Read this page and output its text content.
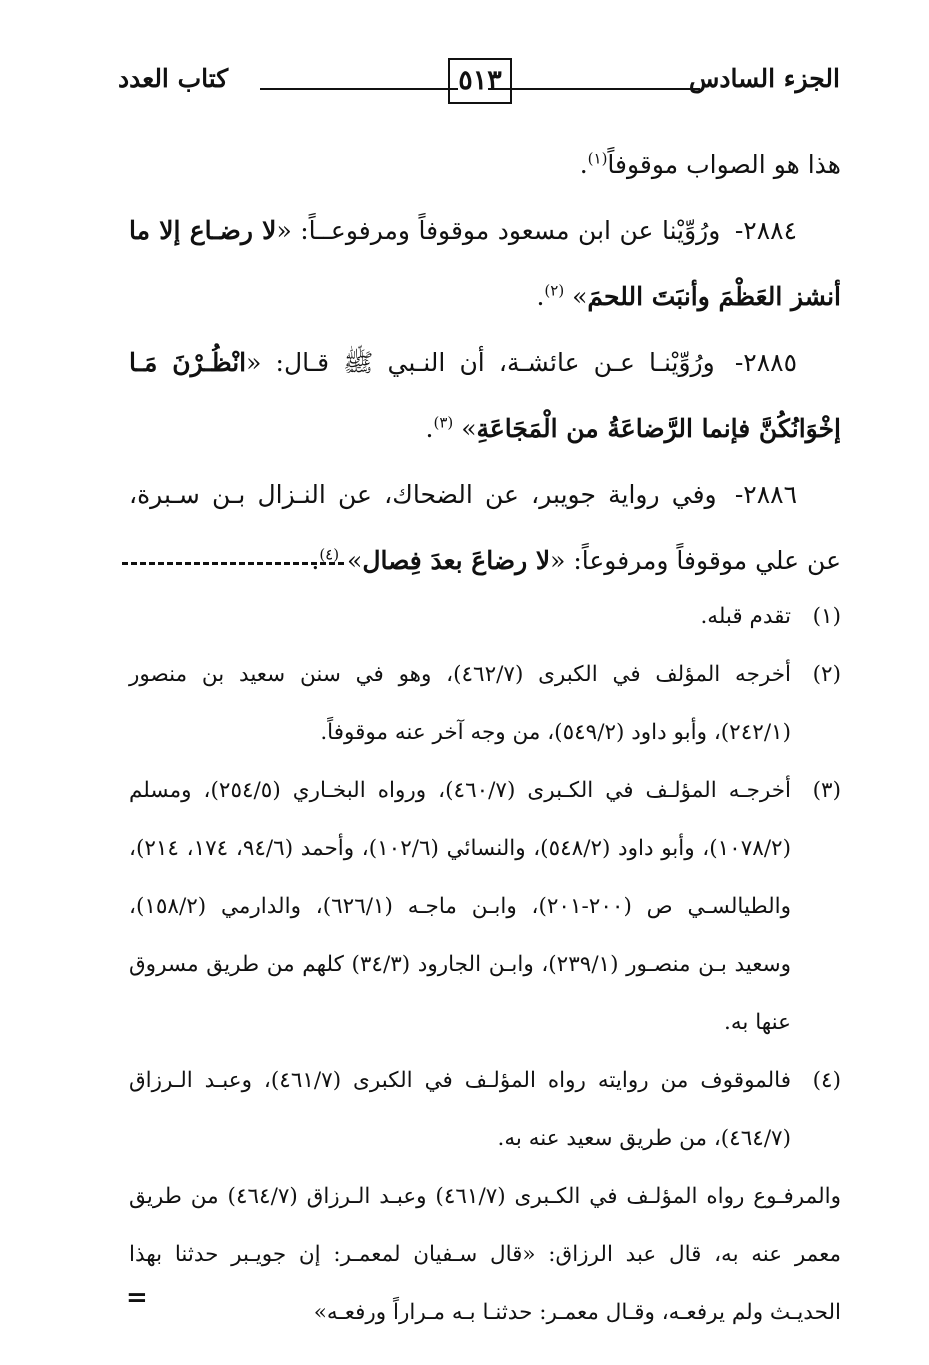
الجزء السادس
٥١٣
كتاب العدد

هذا هو الصواب موقوفاً$^{(١)}$.

٢٨٨٤- ورُوِّيْنا عن ابن مسعود موقوفاً ومرفوعــاً: «لا رضـاع إلا ما أنشز العَظْمَ وأنبَتَ اللحمَ» $^{(٢)}$.

٢٨٨٥- ورُوِّيْنـا عـن عائشـة، أن النـبي ﷺ قـال: «انْظُـرْنَ مَـا إخْوَانُكُنَّ فإنما الرَّضاعَةُ من الْمَجَاعَةِ» $^{(٣)}$.

٢٨٨٦- وفي رواية جويبر، عن الضحاك، عن النـزال بـن سـبرة، عن علي موقوفاً ومرفوعاً: «لا رضاعَ بعدَ فِصال» $^{(٤)}$.

(١)
تقدم قبله.
(٢)
أخرجه المؤلف في الكبرى (٤٦٢/٧)، وهو في سنن سعيد بن منصور (٢٤٢/١)، وأبو داود (٥٤٩/٢)، من وجه آخر عنه موقوفاً.
(٣)
أخرجـه المؤلـف في الكـبرى (٤٦٠/٧)، ورواه البخـاري (٢٥٤/٥)، ومسلم (١٠٧٨/٢)، وأبو داود (٥٤٨/٢)، والنسائي (١٠٢/٦)، وأحمد (٩٤/٦، ١٧٤، ٢١٤)، والطيالسـي ص (٢٠٠-٢٠١)، وابـن ماجـه (٦٢٦/١)، والدارمي (١٥٨/٢)، وسعيد بـن منصـور (٢٣٩/١)، وابـن الجارود (٣٤/٣) كلهم من طريق مسروق عنها به.
(٤)
فالموقوف من روايته رواه المؤلـف في الكبرى (٤٦١/٧)، وعبـد الـرزاق (٤٦٤/٧)، من طريق سعيد عنه به.
والمرفـوع رواه المؤلـف في الكـبرى (٤٦١/٧) وعبـد الـرزاق (٤٦٤/٧) من طريق معمر عنه به، قال عبد الرزاق: «قال سـفيان لمعمـر: إن جويـبر حدثنا بهذا الحديـث ولم يرفعـه، وقـال معمـر: حدثنـا بـه مـراراً ورفعـه»
=
